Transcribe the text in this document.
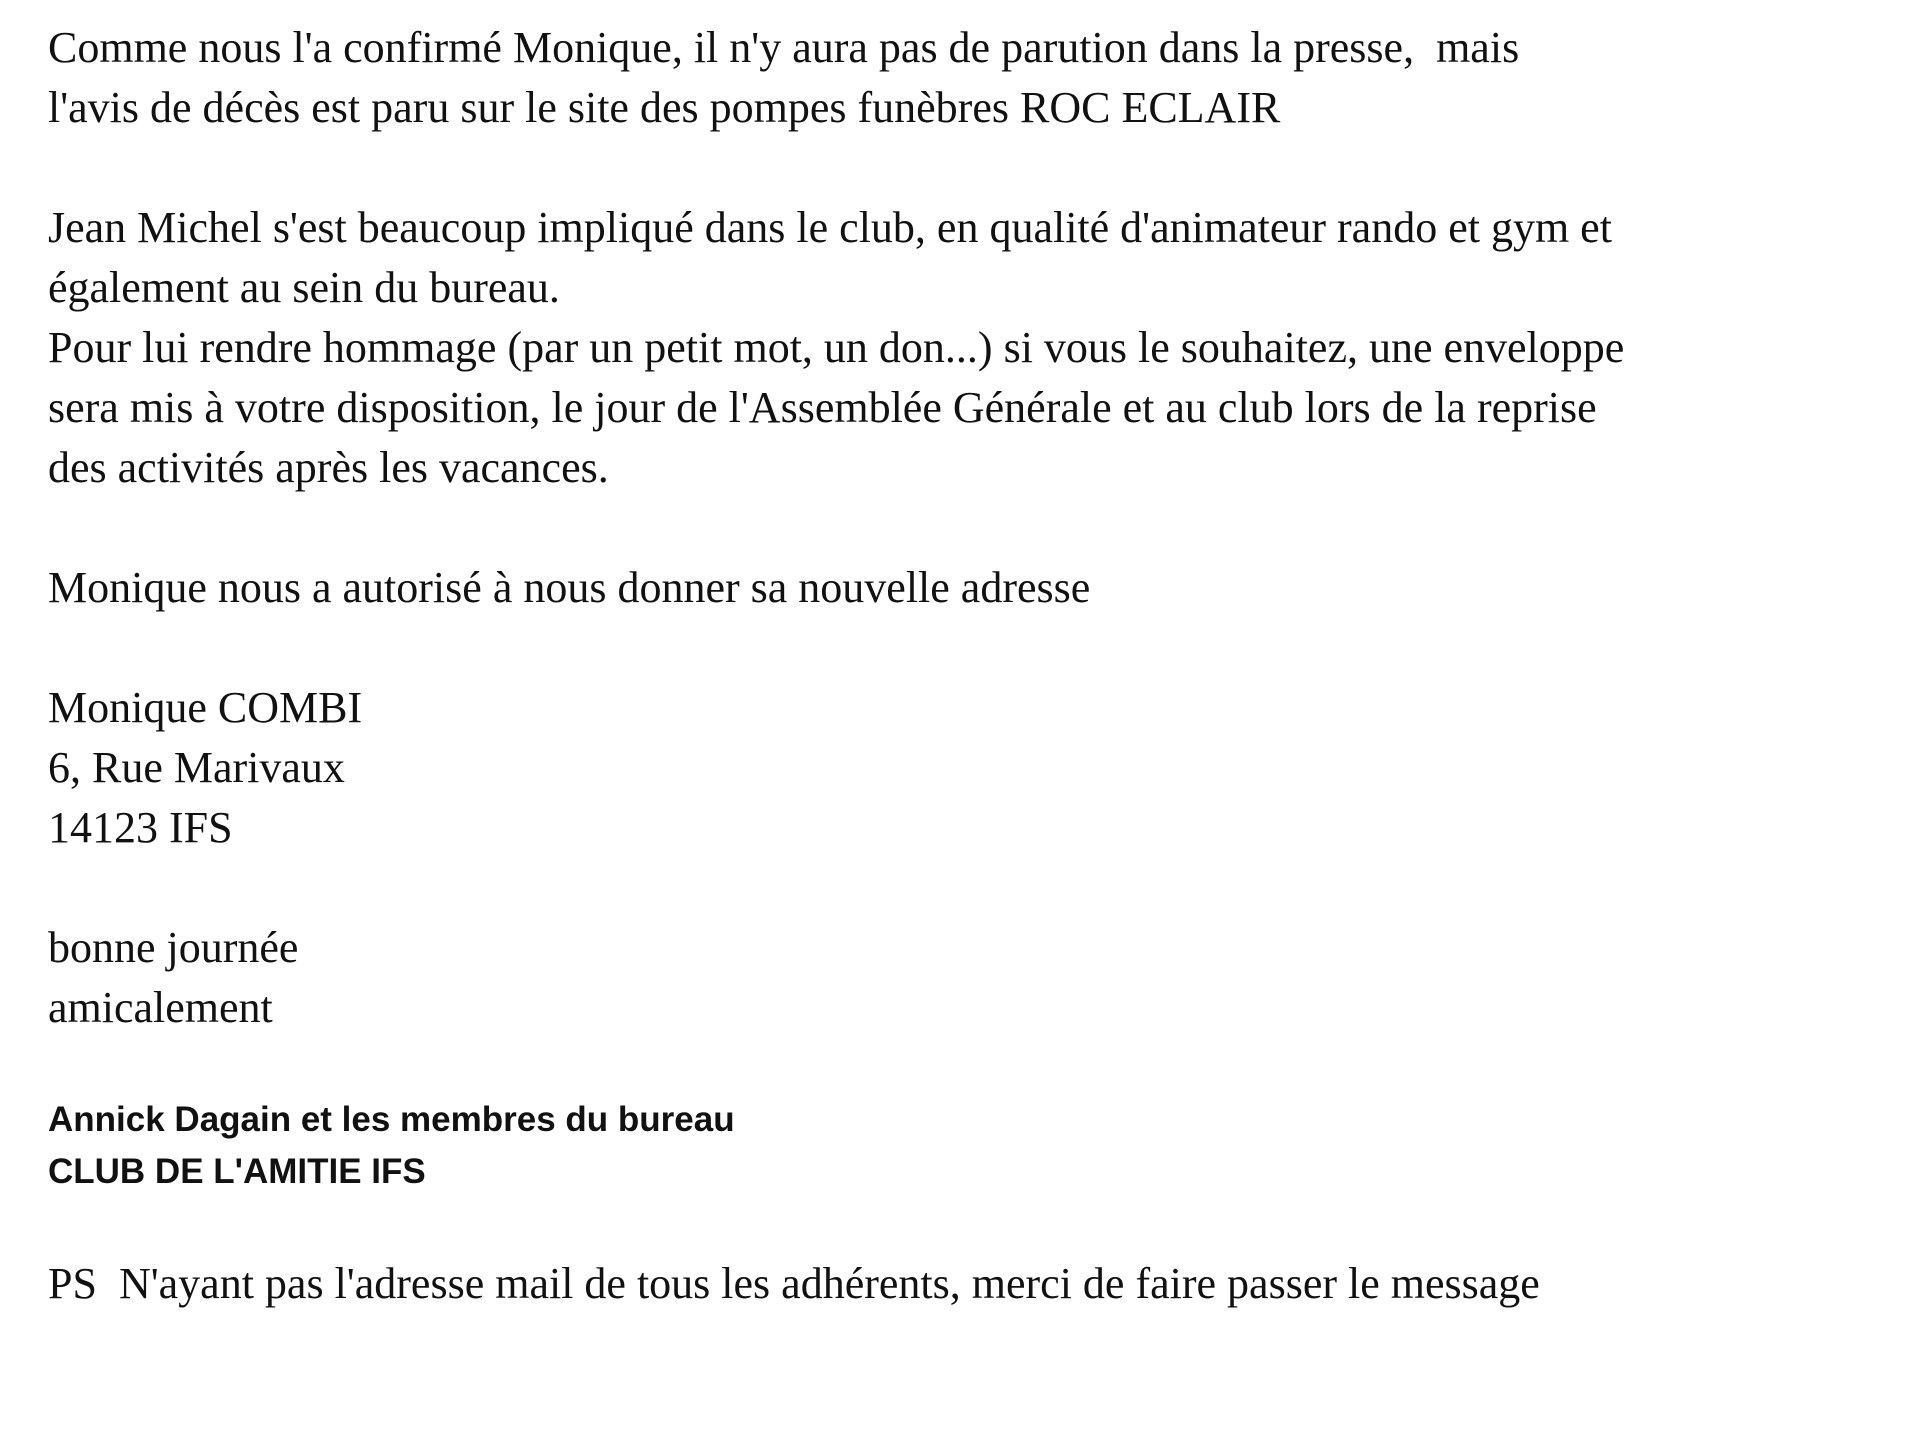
Comme nous l'a confirmé Monique, il n'y aura pas de parution dans la presse,  mais
l'avis de décès est paru sur le site des pompes funèbres ROC ECLAIR
Jean Michel s'est beaucoup impliqué dans le club, en qualité d'animateur rando et gym et
également au sein du bureau.
Pour lui rendre hommage (par un petit mot, un don...) si vous le souhaitez, une enveloppe
sera mis à votre disposition, le jour de l'Assemblée Générale et au club lors de la reprise
des activités après les vacances.
Monique nous a autorisé à nous donner sa nouvelle adresse
Monique COMBI
6, Rue Marivaux
14123 IFS
bonne journée
amicalement
Annick Dagain et les membres du bureau
CLUB DE L'AMITIE IFS
PS  N'ayant pas l'adresse mail de tous les adhérents, merci de faire passer le message
